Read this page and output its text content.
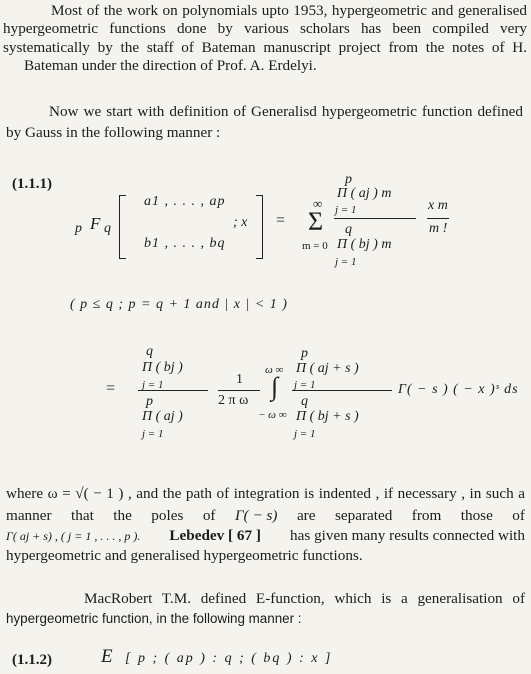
Most of the work on polynomials upto 1953, hypergeometric and generalised
hypergeometric functions done by various scholars has been compiled very
systematically by the staff of Bateman manuscript project from the notes of H.
Bateman under the direction of Prof. A. Erdelyi.
Now we start with definition of Generalisd hypergeometric function defined
by Gauss in the following manner :
(1.1.1)
p F q
a1 , . . . , ap
b1 , . . . , bq
; x =
∞
Σ
m = 0
p
Π ( aj ) m
j = 1
q
Π ( bj ) m
j = 1
x m
m !
( p ≤ q ; p = q + 1 and | x | < 1 )
=
q
Π ( bj )
j = 1
p
Π ( aj )
j = 1
1
2 π ω
ω ∞
∫
− ω ∞
p
Π ( aj + s )
j = 1
q
Π ( bj + s )
j = 1
Γ( − s ) ( − x )ˢ ds
where ω = √( − 1 ) , and the path of integration is indented , if necessary , in such a
manner that the poles of Γ( − s) are separated from those of
Γ( aj + s) , ( j = 1 , . . . , p ). Lebedev [ 67 ] has given many results connected with
hypergeometric and generalised hypergeometric functions.
MacRobert T.M. defined E-function, which is a generalisation of
hypergeometric function, in the following manner :
(1.1.2)	E [ p ; ( ap ) : q ; ( bq ) : x ]
